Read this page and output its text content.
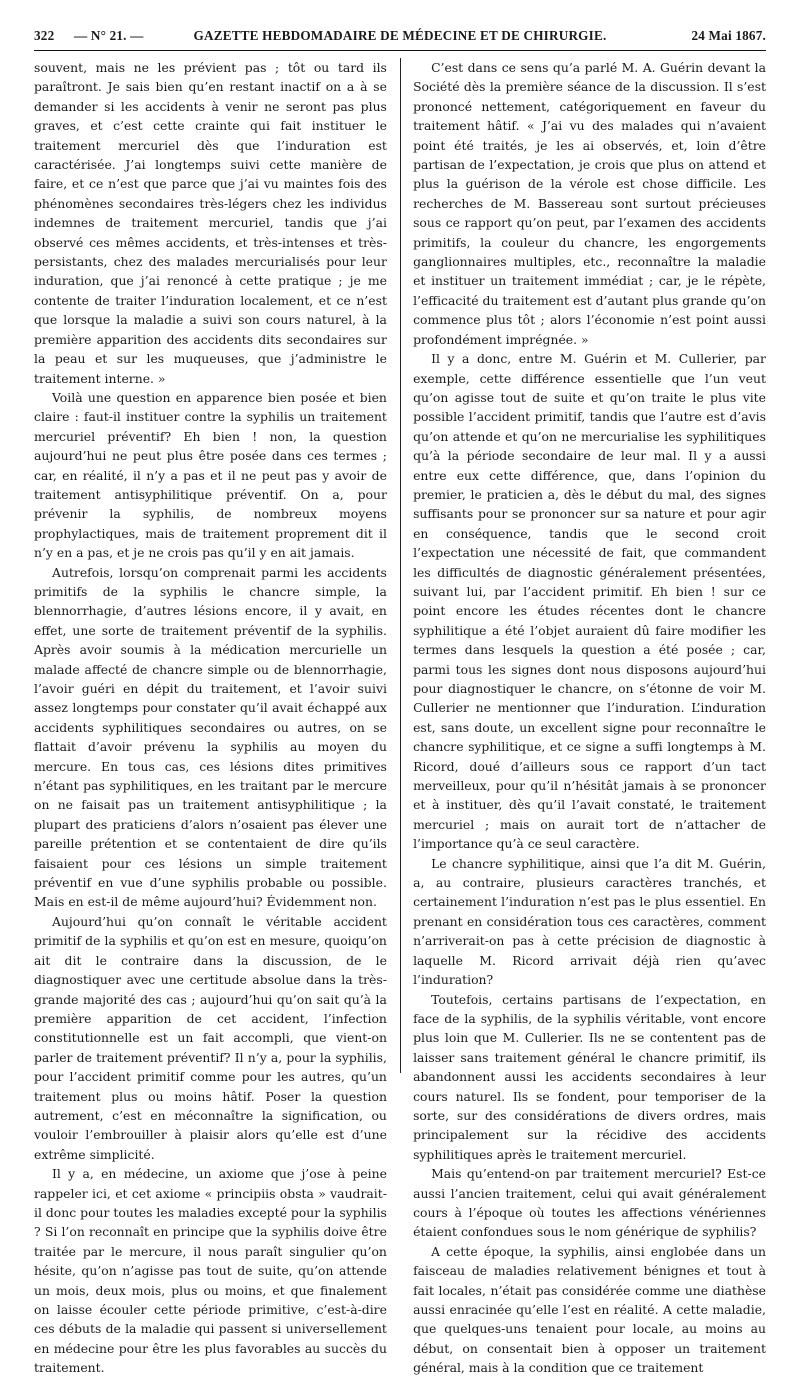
322	— N° 21. —	GAZETTE HEBDOMADAIRE DE MÉDECINE ET DE CHIRURGIE.	24 Mai 1867.

souvent, mais ne les prévient pas ; tôt ou tard ils paraîtront. Je sais bien qu’en restant inactif on a à se demander si les accidents à venir ne seront pas plus graves, et c’est cette crainte qui fait instituer le traitement mercuriel dès que l’induration est caractérisée. J’ai longtemps suivi cette manière de faire, et ce n’est que parce que j’ai vu maintes fois des phénomènes secondaires très-légers chez les individus indemnes de traitement mercuriel, tandis que j’ai observé ces mêmes accidents, et très-intenses et très-persistants, chez des malades mercurialisés pour leur induration, que j’ai renoncé à cette pratique ; je me contente de traiter l’induration localement, et ce n’est que lorsque la maladie a suivi son cours naturel, à la première apparition des accidents dits secondaires sur la peau et sur les muqueuses, que j’administre le traitement interne. »

Voilà une question en apparence bien posée et bien claire : faut-il instituer contre la syphilis un traitement mercuriel préventif? Eh bien ! non, la question aujourd’hui ne peut plus être posée dans ces termes ; car, en réalité, il n’y a pas et il ne peut pas y avoir de traitement antisyphilitique préventif. On a, pour prévenir la syphilis, de nombreux moyens prophylactiques, mais de traitement proprement dit il n’y en a pas, et je ne crois pas qu’il y en ait jamais.

Autrefois, lorsqu’on comprenait parmi les accidents primitifs de la syphilis le chancre simple, la blennorrhagie, d’autres lésions encore, il y avait, en effet, une sorte de traitement préventif de la syphilis. Après avoir soumis à la médication mercurielle un malade affecté de chancre simple ou de blennorrhagie, l’avoir guéri en dépit du traitement, et l’avoir suivi assez longtemps pour constater qu’il avait échappé aux accidents syphilitiques secondaires ou autres, on se flattait d’avoir prévenu la syphilis au moyen du mercure. En tous cas, ces lésions dites primitives n’étant pas syphilitiques, en les traitant par le mercure on ne faisait pas un traitement antisyphilitique ; la plupart des praticiens d’alors n’osaient pas élever une pareille prétention et se contentaient de dire qu’ils faisaient pour ces lésions un simple traitement préventif en vue d’une syphilis probable ou possible. Mais en est-il de même aujourd’hui? Évidemment non.

Aujourd’hui qu’on connaît le véritable accident primitif de la syphilis et qu’on est en mesure, quoiqu’on ait dit le contraire dans la discussion, de le diagnostiquer avec une certitude absolue dans la très-grande majorité des cas ; aujourd’hui qu’on sait qu’à la première apparition de cet accident, l’infection constitutionnelle est un fait accompli, que vient-on parler de traitement préventif? Il n’y a, pour la syphilis, pour l’accident primitif comme pour les autres, qu’un traitement plus ou moins hâtif. Poser la question autrement, c’est en méconnaître la signification, ou vouloir l’embrouiller à plaisir alors qu’elle est d’une extrême simplicité.

Il y a, en médecine, un axiome que j’ose à peine rappeler ici, et cet axiome « principiis obsta » vaudrait-il donc pour toutes les maladies excepté pour la syphilis ? Si l’on reconnaît en principe que la syphilis doive être traitée par le mercure, il nous paraît singulier qu’on hésite, qu’on n’agisse pas tout de suite, qu’on attende un mois, deux mois, plus ou moins, et que finalement on laisse écouler cette période primitive, c’est-à-dire ces débuts de la maladie qui passent si universellement en médecine pour être les plus favorables au succès du traitement.

C’est dans ce sens qu’a parlé M. A. Guérin devant la Société dès la première séance de la discussion. Il s’est prononcé nettement, catégoriquement en faveur du traitement hâtif. « J’ai vu des malades qui n’avaient point été traités, je les ai observés, et, loin d’être partisan de l’expectation, je crois que plus on attend et plus la guérison de la vérole est chose difficile. Les recherches de M. Bassereau sont surtout précieuses sous ce rapport qu’on peut, par l’examen des accidents primitifs, la couleur du chancre, les engorgements ganglionnaires multiples, etc., reconnaître la maladie et instituer un traitement immédiat ; car, je le répète, l’efficacité du traitement est d’autant plus grande qu’on commence plus tôt ; alors l’économie n’est point aussi profondément imprégnée. »

Il y a donc, entre M. Guérin et M. Cullerier, par exemple, cette différence essentielle que l’un veut qu’on agisse tout de suite et qu’on traite le plus vite possible l’accident primitif, tandis que l’autre est d’avis qu’on attende et qu’on ne mercurialise les syphilitiques qu’à la période secondaire de leur mal. Il y a aussi entre eux cette différence, que, dans l’opinion du premier, le praticien a, dès le début du mal, des signes suffisants pour se prononcer sur sa nature et pour agir en conséquence, tandis que le second croit l’expectation une nécessité de fait, que commandent les difficultés de diagnostic généralement présentées, suivant lui, par l’accident primitif. Eh bien ! sur ce point encore les études récentes dont le chancre syphilitique a été l’objet auraient dû faire modifier les termes dans lesquels la question a été posée ; car, parmi tous les signes dont nous disposons aujourd’hui pour diagnostiquer le chancre, on s’étonne de voir M. Cullerier ne mentionner que l’induration. L’induration est, sans doute, un excellent signe pour reconnaître le chancre syphilitique, et ce signe a suffi longtemps à M. Ricord, doué d’ailleurs sous ce rapport d’un tact merveilleux, pour qu’il n’hésitât jamais à se prononcer et à instituer, dès qu’il l’avait constaté, le traitement mercuriel ; mais on aurait tort de n’attacher de l’importance qu’à ce seul caractère.

Le chancre syphilitique, ainsi que l’a dit M. Guérin, a, au contraire, plusieurs caractères tranchés, et certainement l’induration n’est pas le plus essentiel. En prenant en considération tous ces caractères, comment n’arriverait-on pas à cette précision de diagnostic à laquelle M. Ricord arrivait déjà rien qu’avec l’induration?

Toutefois, certains partisans de l’expectation, en face de la syphilis, de la syphilis véritable, vont encore plus loin que M. Cullerier. Ils ne se contentent pas de laisser sans traitement général le chancre primitif, ils abandonnent aussi les accidents secondaires à leur cours naturel. Ils se fondent, pour temporiser de la sorte, sur des considérations de divers ordres, mais principalement sur la récidive des accidents syphilitiques après le traitement mercuriel.

Mais qu’entend-on par traitement mercuriel? Est-ce aussi l’ancien traitement, celui qui avait généralement cours à l’époque où toutes les affections vénériennes étaient confondues sous le nom générique de syphilis?

A cette époque, la syphilis, ainsi englobée dans un faisceau de maladies relativement bénignes et tout à fait locales, n’était pas considérée comme une diathèse aussi enracinée qu’elle l’est en réalité. A cette maladie, que quelques-uns tenaient pour locale, au moins au début, on consentait bien à opposer un traitement général, mais à la condition que ce traitement
